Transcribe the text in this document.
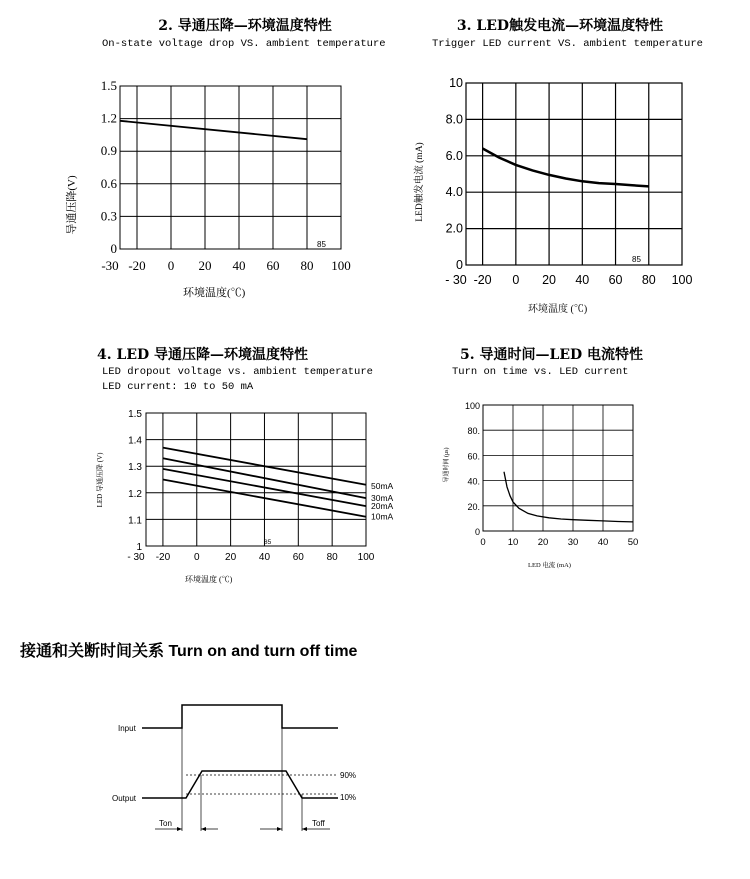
2. 导通压降—环境温度特性
On-state voltage drop VS. ambient temperature
0
0.3
0.6
0.9
1.2
1.5
-30 -20 0 20 40 60 80 100
85
环境温度(℃)
导通压降(V)
3. LED触发电流—环境温度特性
Trigger LED current VS. ambient temperature
0
2.0
4.0
6.0
8.0
10
- 30 -20 0 20 40 60 80 100
85
环境温度 (℃)
LED触发电流 (mA)
4. LED 导通压降—环境温度特性
LED dropout voltage vs. ambient temperature
LED current: 10 to 50 mA
1
1.1
1.2
1.3
1.4
1.5
- 30 -20 0	20 40 60 80 100
50mA
30mA
20mA
10mA
85
环境温度 (℃)
LED 导通压降 (V)
5. 导通时间—LED 电流特性
Turn on time vs. LED current
0
20.
40.
60.
80.
100
0 10 20 30 40 50
LED 电流 (mA)
导通时间 (μs)
接通和关断时间关系 Turn on and turn off time
Input
Output
90%
10%
Ton	Toff
